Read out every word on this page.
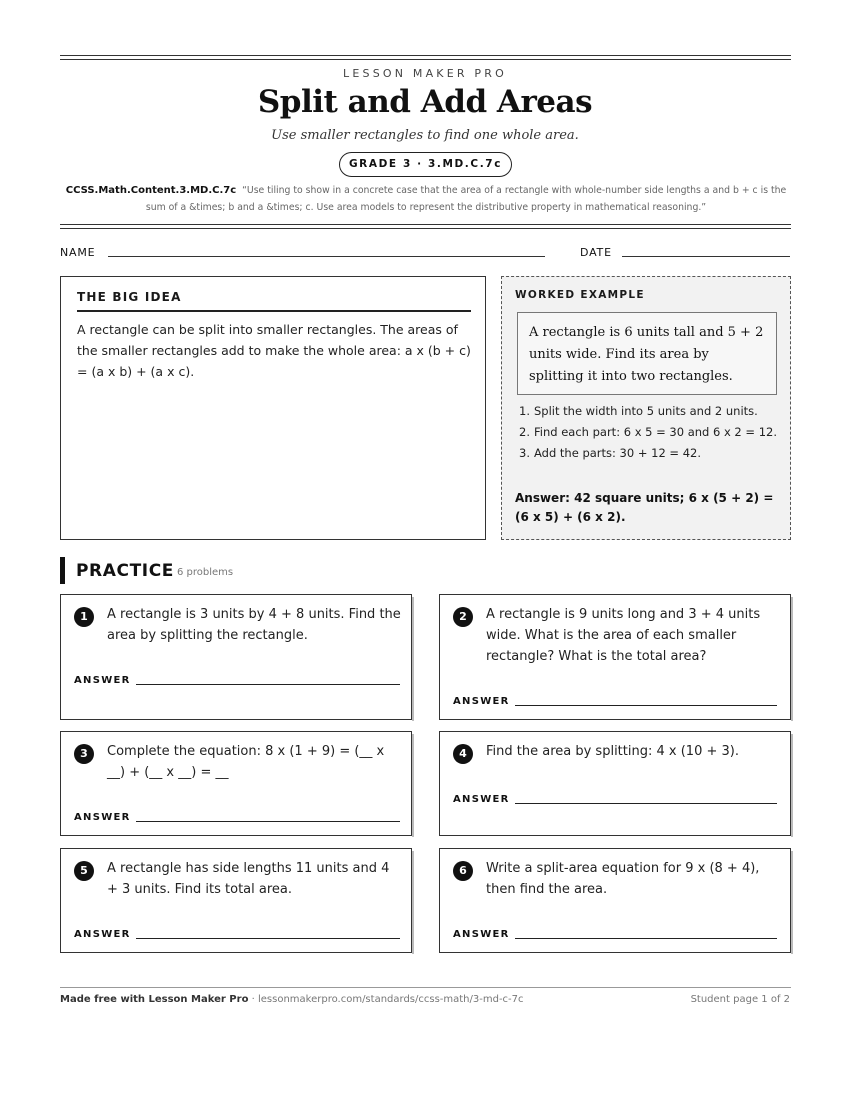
LESSON MAKER PRO
Split and Add Areas
Use smaller rectangles to find one whole area.
GRADE 3 · 3.MD.C.7c
CCSS.Math.Content.3.MD.C.7c “Use tiling to show in a concrete case that the area of a rectangle with whole-number side lengths a and b + c is the sum of a &times; b and a &times; c. Use area models to represent the distributive property in mathematical reasoning.”
NAME	DATE
THE BIG IDEA
A rectangle can be split into smaller rectangles. The areas of the smaller rectangles add to make the whole area: a x (b + c) = (a x b) + (a x c).
WORKED EXAMPLE
A rectangle is 6 units tall and 5 + 2 units wide. Find its area by splitting it into two rectangles.
1. Split the width into 5 units and 2 units.
2. Find each part: 6 x 5 = 30 and 6 x 2 = 12.
3. Add the parts: 30 + 12 = 42.
Answer: 42 square units; 6 x (5 + 2) = (6 x 5) + (6 x 2).
PRACTICE 6 problems
1	A rectangle is 3 units by 4 + 8 units. Find the area by splitting the rectangle.
ANSWER
2	A rectangle is 9 units long and 3 + 4 units wide. What is the area of each smaller rectangle? What is the total area?
ANSWER
3	Complete the equation: 8 x (1 + 9) = (__ x __) + (__ x __) = __
ANSWER
4	Find the area by splitting: 4 x (10 + 3).
ANSWER
5	A rectangle has side lengths 11 units and 4 + 3 units. Find its total area.
ANSWER
6	Write a split-area equation for 9 x (8 + 4), then find the area.
ANSWER
Made free with Lesson Maker Pro · lessonmakerpro.com/standards/ccss-math/3-md-c-7c	Student page 1 of 2
